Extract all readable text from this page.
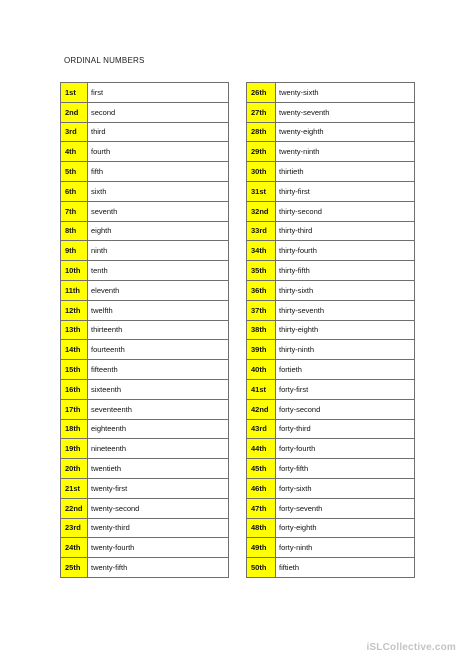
ORDINAL NUMBERS
1st	first
2nd	second
3rd	third
4th	fourth
5th	fifth
6th	sixth
7th	seventh
8th	eighth
9th	ninth
10th	tenth
11th	eleventh
12th	twelfth
13th	thirteenth
14th	fourteenth
15th	fifteenth
16th	sixteenth
17th	seventeenth
18th	eighteenth
19th	nineteenth
20th	twentieth
21st	twenty-first
22nd	twenty-second
23rd	twenty-third
24th	twenty-fourth
25th	twenty-fifth
26th	twenty-sixth
27th	twenty-seventh
28th	twenty-eighth
29th	twenty-ninth
30th	thirtieth
31st	thirty-first
32nd	thirty-second
33rd	thirty-third
34th	thirty-fourth
35th	thirty-fifth
36th	thirty-sixth
37th	thirty-seventh
38th	thirty-eighth
39th	thirty-ninth
40th	fortieth
41st	forty-first
42nd	forty-second
43rd	forty-third
44th	forty-fourth
45th	forty-fifth
46th	forty-sixth
47th	forty-seventh
48th	forty-eighth
49th	forty-ninth
50th	fiftieth
iSLCollective.com
